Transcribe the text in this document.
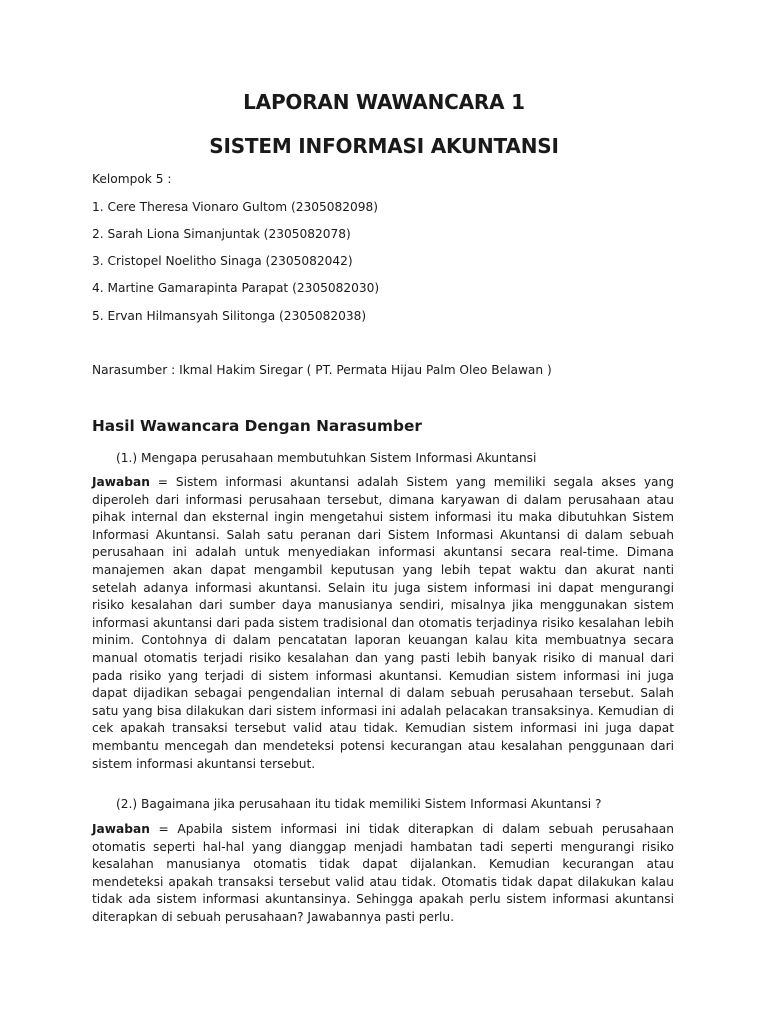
LAPORAN WAWANCARA 1
SISTEM INFORMASI AKUNTANSI
Kelompok 5 :
1. Cere Theresa Vionaro Gultom (2305082098)
2. Sarah Liona Simanjuntak (2305082078)
3. Cristopel Noelitho Sinaga (2305082042)
4. Martine Gamarapinta Parapat (2305082030)
5. Ervan Hilmansyah Silitonga (2305082038)
Narasumber : Ikmal Hakim Siregar ( PT. Permata Hijau Palm Oleo Belawan )
Hasil Wawancara Dengan Narasumber
(1.) Mengapa perusahaan membutuhkan Sistem Informasi Akuntansi

Jawaban = Sistem informasi akuntansi adalah Sistem yang memiliki segala akses yang diperoleh dari informasi perusahaan tersebut, dimana karyawan di dalam perusahaan atau pihak internal dan eksternal ingin mengetahui sistem informasi itu maka dibutuhkan Sistem Informasi Akuntansi. Salah satu peranan dari Sistem Informasi Akuntansi di dalam sebuah perusahaan ini adalah untuk menyediakan informasi akuntansi secara real-time. Dimana manajemen akan dapat mengambil keputusan yang lebih tepat waktu dan akurat nanti setelah adanya informasi akuntansi. Selain itu juga sistem informasi ini dapat mengurangi risiko kesalahan dari sumber daya manusianya sendiri, misalnya jika menggunakan sistem informasi akuntansi dari pada sistem tradisional dan otomatis terjadinya risiko kesalahan lebih minim. Contohnya di dalam pencatatan laporan keuangan kalau kita membuatnya secara manual otomatis terjadi risiko kesalahan dan yang pasti lebih banyak risiko di manual dari pada risiko yang terjadi di sistem informasi akuntansi. Kemudian sistem informasi ini juga dapat dijadikan sebagai pengendalian internal di dalam sebuah perusahaan tersebut. Salah satu yang bisa dilakukan dari sistem informasi ini adalah pelacakan transaksinya. Kemudian di cek apakah transaksi tersebut valid atau tidak. Kemudian sistem informasi ini juga dapat membantu mencegah dan mendeteksi potensi kecurangan atau kesalahan penggunaan dari sistem informasi akuntansi tersebut.

(2.) Bagaimana jika perusahaan itu tidak memiliki Sistem Informasi Akuntansi ?

Jawaban = Apabila sistem informasi ini tidak diterapkan di dalam sebuah perusahaan otomatis seperti hal-hal yang dianggap menjadi hambatan tadi seperti mengurangi risiko kesalahan manusianya otomatis tidak dapat dijalankan. Kemudian kecurangan atau mendeteksi apakah transaksi tersebut valid atau tidak. Otomatis tidak dapat dilakukan kalau tidak ada sistem informasi akuntansinya. Sehingga apakah perlu sistem informasi akuntansi diterapkan di sebuah perusahaan? Jawabannya pasti perlu.
